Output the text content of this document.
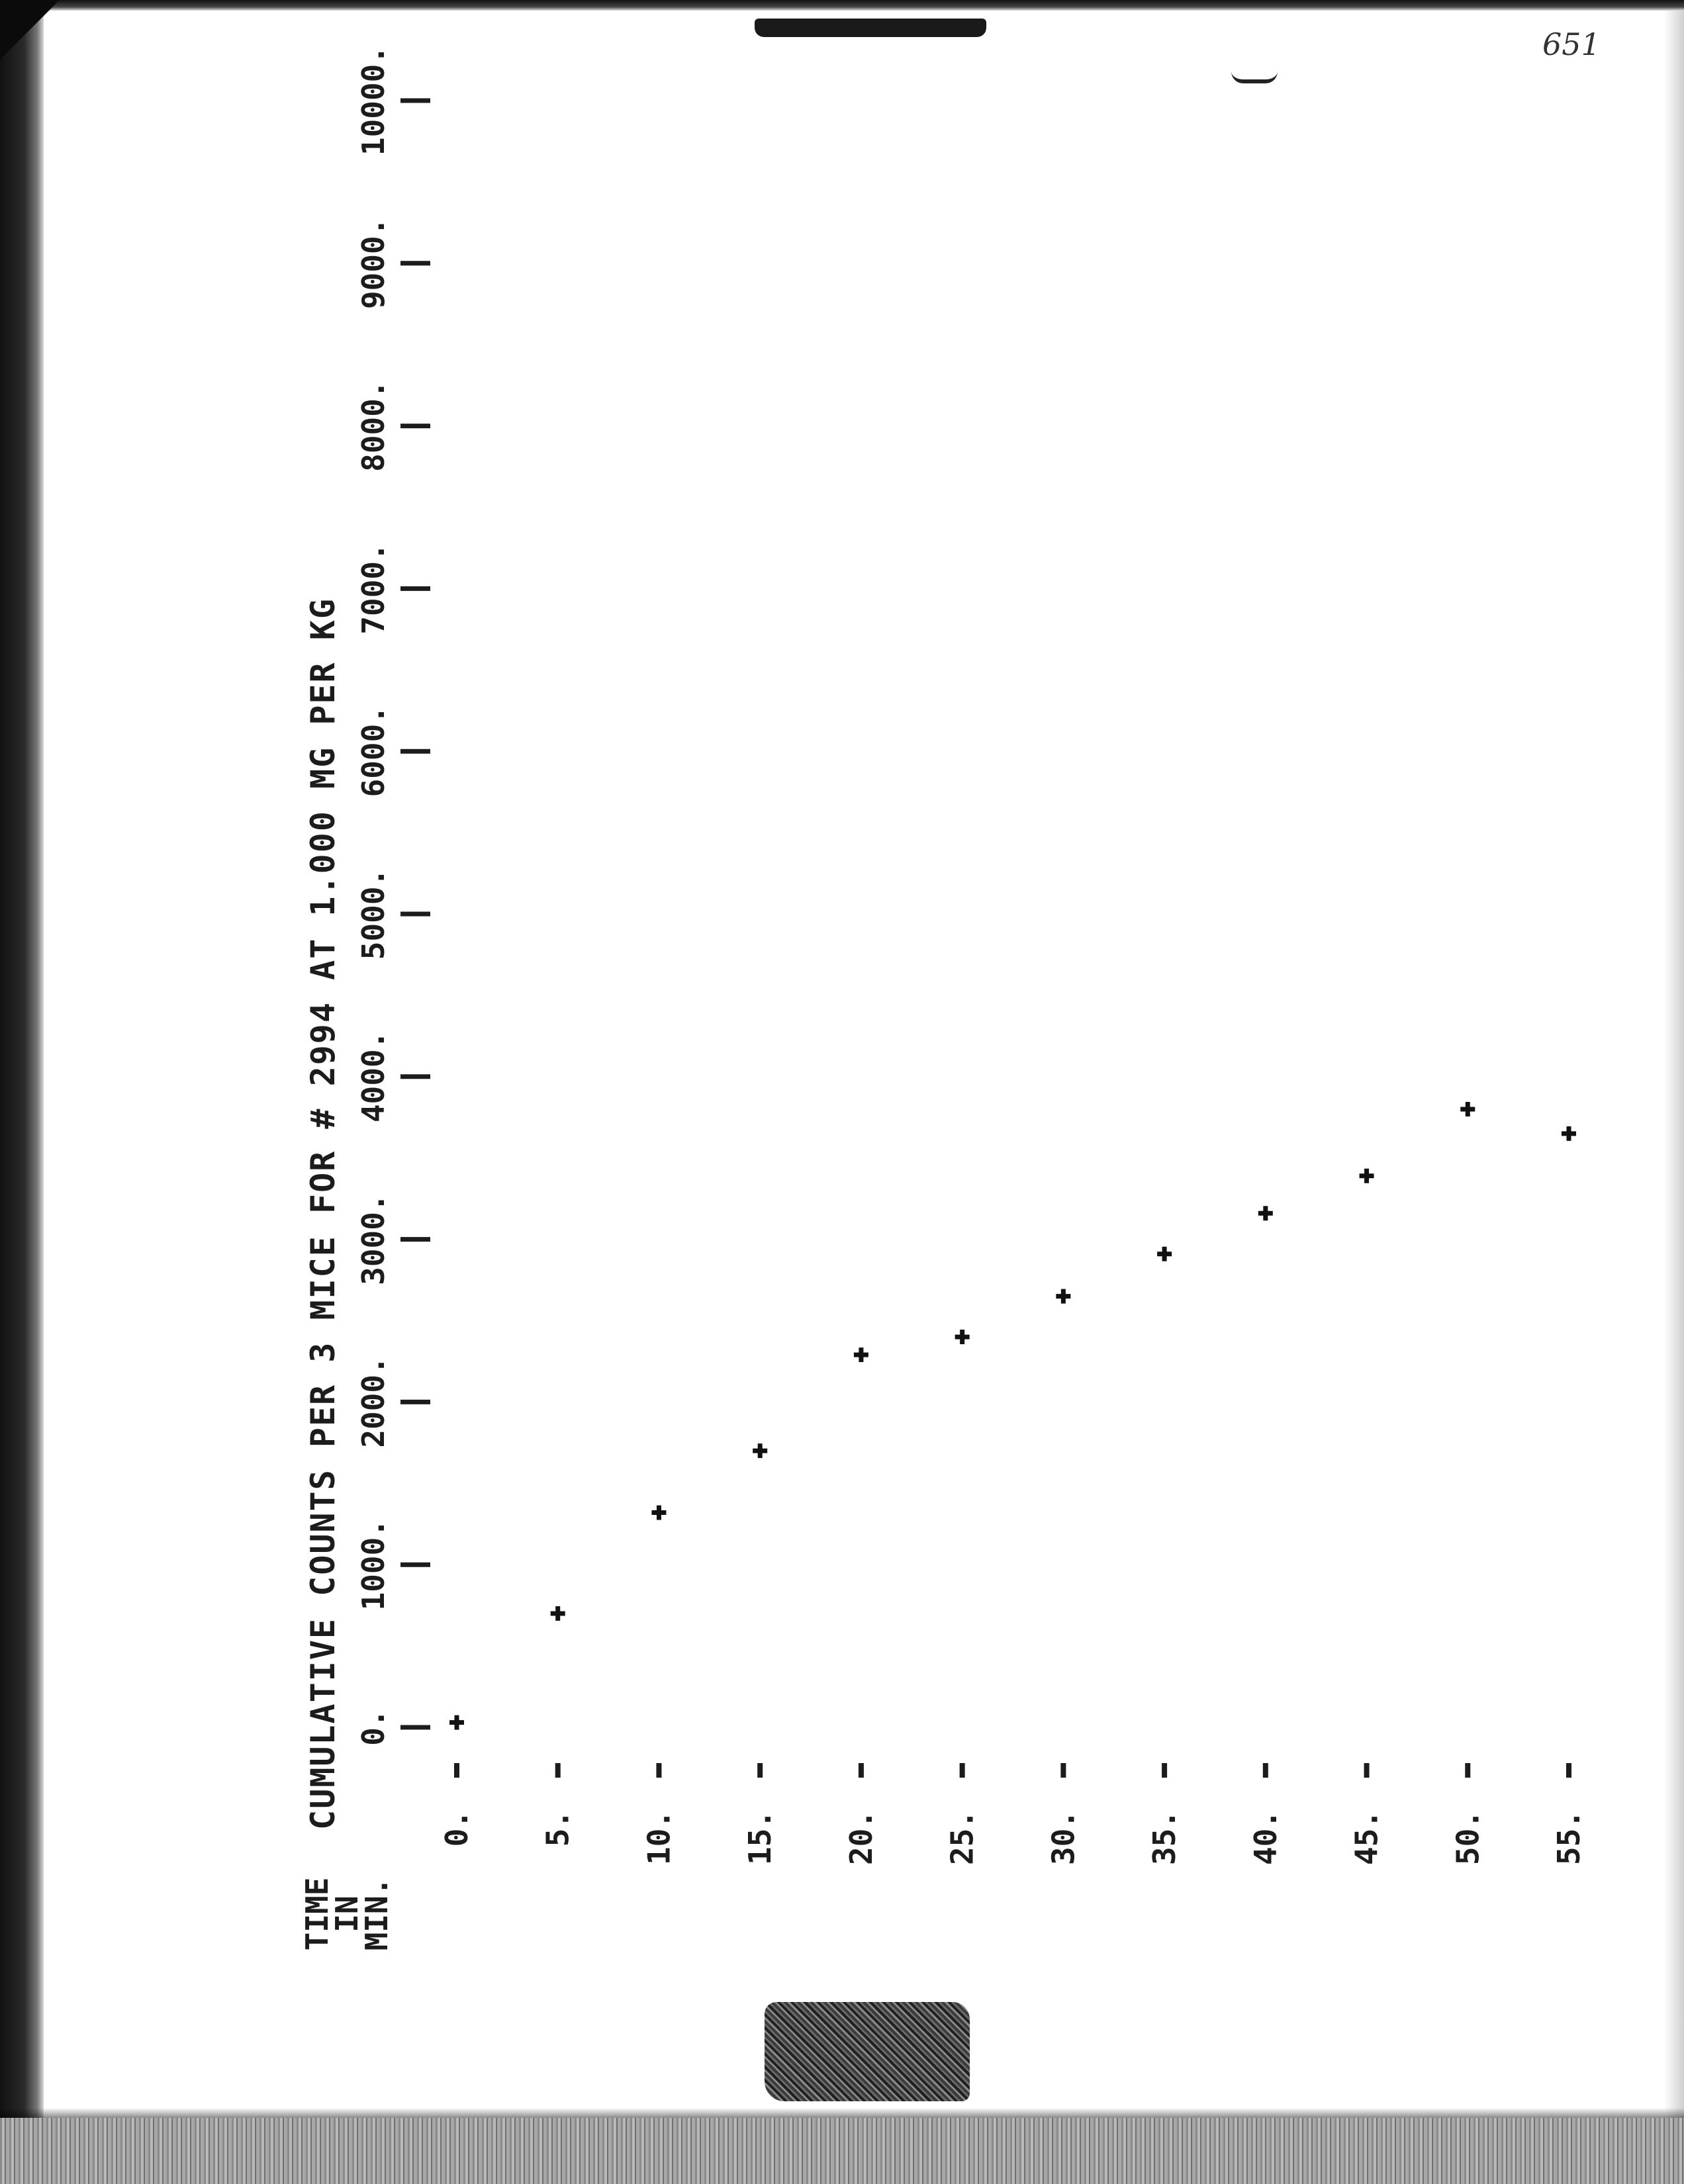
651
CUMULATIVE COUNTS PER 3 MICE FOR # 2994 AT 1.000 MG PER KG
TIME
IN
MIN.
0.
1000.
2000.
3000.
4000.
5000.
6000.
7000.
8000.
9000.
10000.
0. 5. 10. 15. 20. 25. 30. 35. 40. 45. 50. 55.
